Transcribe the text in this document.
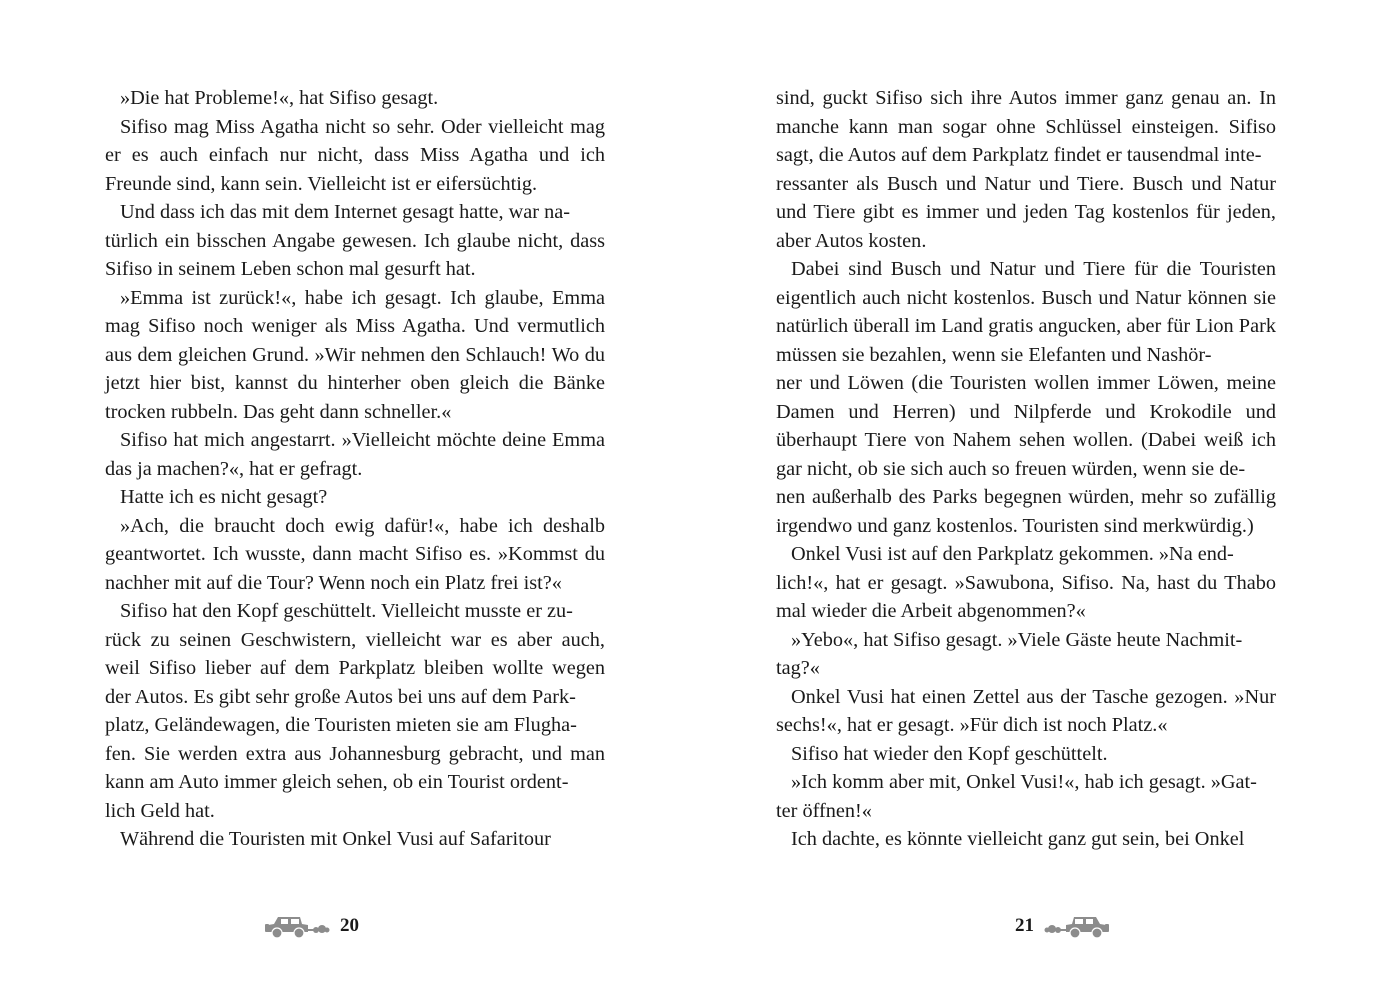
»Die hat Probleme!«, hat Sifiso gesagt.

Sifiso mag Miss Agatha nicht so sehr. Oder vielleicht mag er es auch einfach nur nicht, dass Miss Agatha und ich Freunde sind, kann sein. Vielleicht ist er eifersüchtig.

Und dass ich das mit dem Internet gesagt hatte, war na-
türlich ein bisschen Angabe gewesen. Ich glaube nicht, dass Sifiso in seinem Leben schon mal gesurft hat.

»Emma ist zurück!«, habe ich gesagt. Ich glaube, Emma mag Sifiso noch weniger als Miss Agatha. Und vermutlich aus dem gleichen Grund. »Wir nehmen den Schlauch! Wo du jetzt hier bist, kannst du hinterher oben gleich die Bänke trocken rubbeln. Das geht dann schneller.«

Sifiso hat mich angestarrt. »Vielleicht möchte deine Emma das ja machen?«, hat er gefragt.

Hatte ich es nicht gesagt?

»Ach, die braucht doch ewig dafür!«, habe ich deshalb geantwortet. Ich wusste, dann macht Sifiso es. »Kommst du nachher mit auf die Tour? Wenn noch ein Platz frei ist?«

Sifiso hat den Kopf geschüttelt. Vielleicht musste er zu-
rück zu seinen Geschwistern, vielleicht war es aber auch, weil Sifiso lieber auf dem Parkplatz bleiben wollte wegen der Autos. Es gibt sehr große Autos bei uns auf dem Park-
platz, Geländewagen, die Touristen mieten sie am Flugha-
fen. Sie werden extra aus Johannesburg gebracht, und man kann am Auto immer gleich sehen, ob ein Tourist ordent-
lich Geld hat.

Während die Touristen mit Onkel Vusi auf Safaritour

sind, guckt Sifiso sich ihre Autos immer ganz genau an. In manche kann man sogar ohne Schlüssel einsteigen. Sifiso sagt, die Autos auf dem Parkplatz findet er tausendmal inte-
ressanter als Busch und Natur und Tiere. Busch und Natur und Tiere gibt es immer und jeden Tag kostenlos für jeden, aber Autos kosten.

Dabei sind Busch und Natur und Tiere für die Touristen eigentlich auch nicht kostenlos. Busch und Natur können sie natürlich überall im Land gratis angucken, aber für Lion Park müssen sie bezahlen, wenn sie Elefanten und Nashör-
ner und Löwen (die Touristen wollen immer Löwen, meine Damen und Herren) und Nilpferde und Krokodile und überhaupt Tiere von Nahem sehen wollen. (Dabei weiß ich gar nicht, ob sie sich auch so freuen würden, wenn sie de-
nen außerhalb des Parks begegnen würden, mehr so zufällig irgendwo und ganz kostenlos. Touristen sind merkwürdig.)

Onkel Vusi ist auf den Parkplatz gekommen. »Na end-
lich!«, hat er gesagt. »Sawubona, Sifiso. Na, hast du Thabo mal wieder die Arbeit abgenommen?«

»Yebo«, hat Sifiso gesagt. »Viele Gäste heute Nachmit-
tag?«

Onkel Vusi hat einen Zettel aus der Tasche gezogen. »Nur sechs!«, hat er gesagt. »Für dich ist noch Platz.«

Sifiso hat wieder den Kopf geschüttelt.

»Ich komm aber mit, Onkel Vusi!«, hab ich gesagt. »Gat-
ter öffnen!«

Ich dachte, es könnte vielleicht ganz gut sein, bei Onkel

20	21
